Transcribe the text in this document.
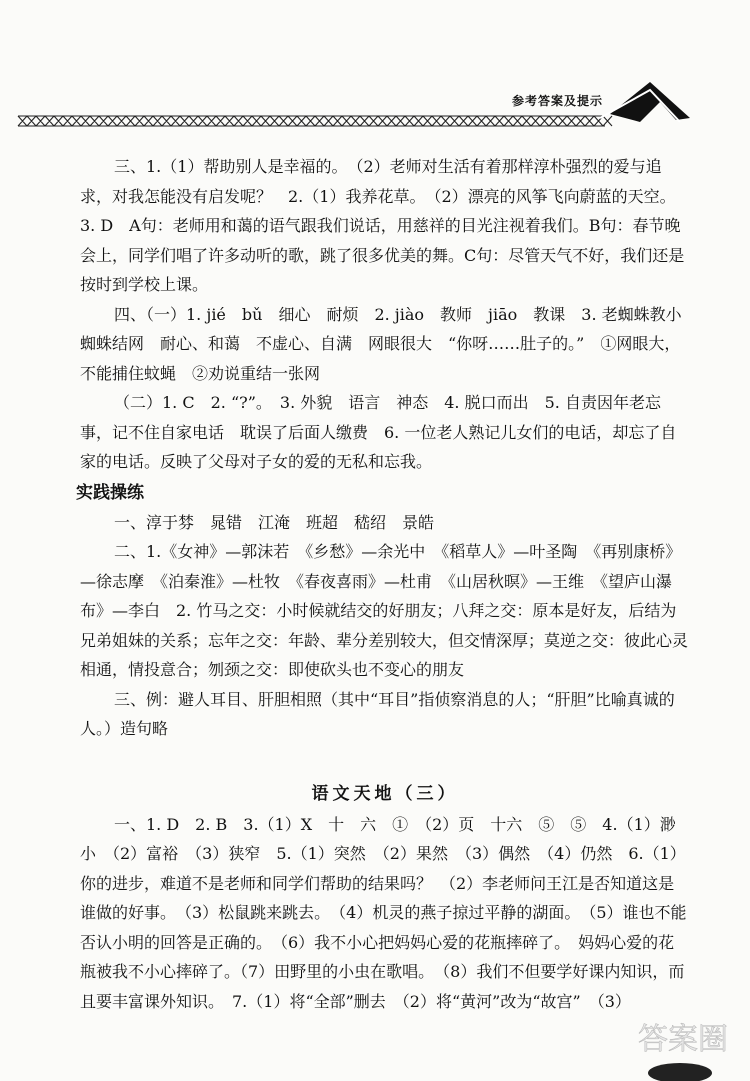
参考答案及提示

三、1.（1）帮助别人是幸福的。　（2）老师对生活有着那样淳朴强烈的爱与追求，对我怎能没有启发呢？　2.（1）我养花草。　（2）漂亮的风筝飞向蔚蓝的天空。　3. D　A句：老师用和蔼的语气跟我们说话，用慈祥的目光注视着我们。B句：春节晚会上，同学们唱了许多动听的歌，跳了很多优美的舞。C句：尽管天气不好，我们还是按时到学校上课。

四、（一）1. jié　bǔ　细心　耐烦　2. jiào　教师　jiāo　教课　3. 老蜘蛛教小蜘蛛结网　耐心、和蔼　不虚心、自满　网眼很大　“你呀……肚子的。”　①网眼大，不能捕住蚊蝇　②劝说重结一张网

（二）1. C　2. “?”。　3. 外貌　语言　神态　4. 脱口而出　5. 自责因年老忘事，记不住自家电话　耽误了后面人缴费　6. 一位老人熟记儿女们的电话，却忘了自家的电话。反映了父母对子女的爱的无私和忘我。

实践操练

一、淳于棼　晁错　江淹　班超　嵇绍　景皓

二、1.《女神》—郭沫若　《乡愁》—余光中　《稻草人》—叶圣陶　《再别康桥》—徐志摩　《泊秦淮》—杜牧　《春夜喜雨》—杜甫　《山居秋暝》—王维　《望庐山瀑布》—李白　2. 竹马之交：小时候就结交的好朋友；八拜之交：原本是好友，后结为兄弟姐妹的关系；忘年之交：年龄、辈分差别较大，但交情深厚；莫逆之交：彼此心灵相通，情投意合；刎颈之交：即使砍头也不变心的朋友

三、例：避人耳目、肝胆相照（其中“耳目”指侦察消息的人；“肝胆”比喻真诚的人。）造句略

语文天地（三）

一、1. D　2. B　3.（1）X　十　六　①　（2）页　十六　⑤　⑤　4.（1）渺小　（2）富裕　（3）狭窄　5.（1）突然　（2）果然　（3）偶然　（4）仍然　6.（1）你的进步，难道不是老师和同学们帮助的结果吗？　（2）李老师问王江是否知道这是谁做的好事。　（3）松鼠跳来跳去。　（4）机灵的燕子掠过平静的湖面。　（5）谁也不能否认小明的回答是正确的。　（6）我不小心把妈妈心爱的花瓶摔碎了。　妈妈心爱的花瓶被我不小心摔碎了。（7）田野里的小虫在歌唱。　（8）我们不但要学好课内知识，而且要丰富课外知识。　7.（1）将“全部”删去　（2）将“黄河”改为“故宫”　（3）

答案圈
